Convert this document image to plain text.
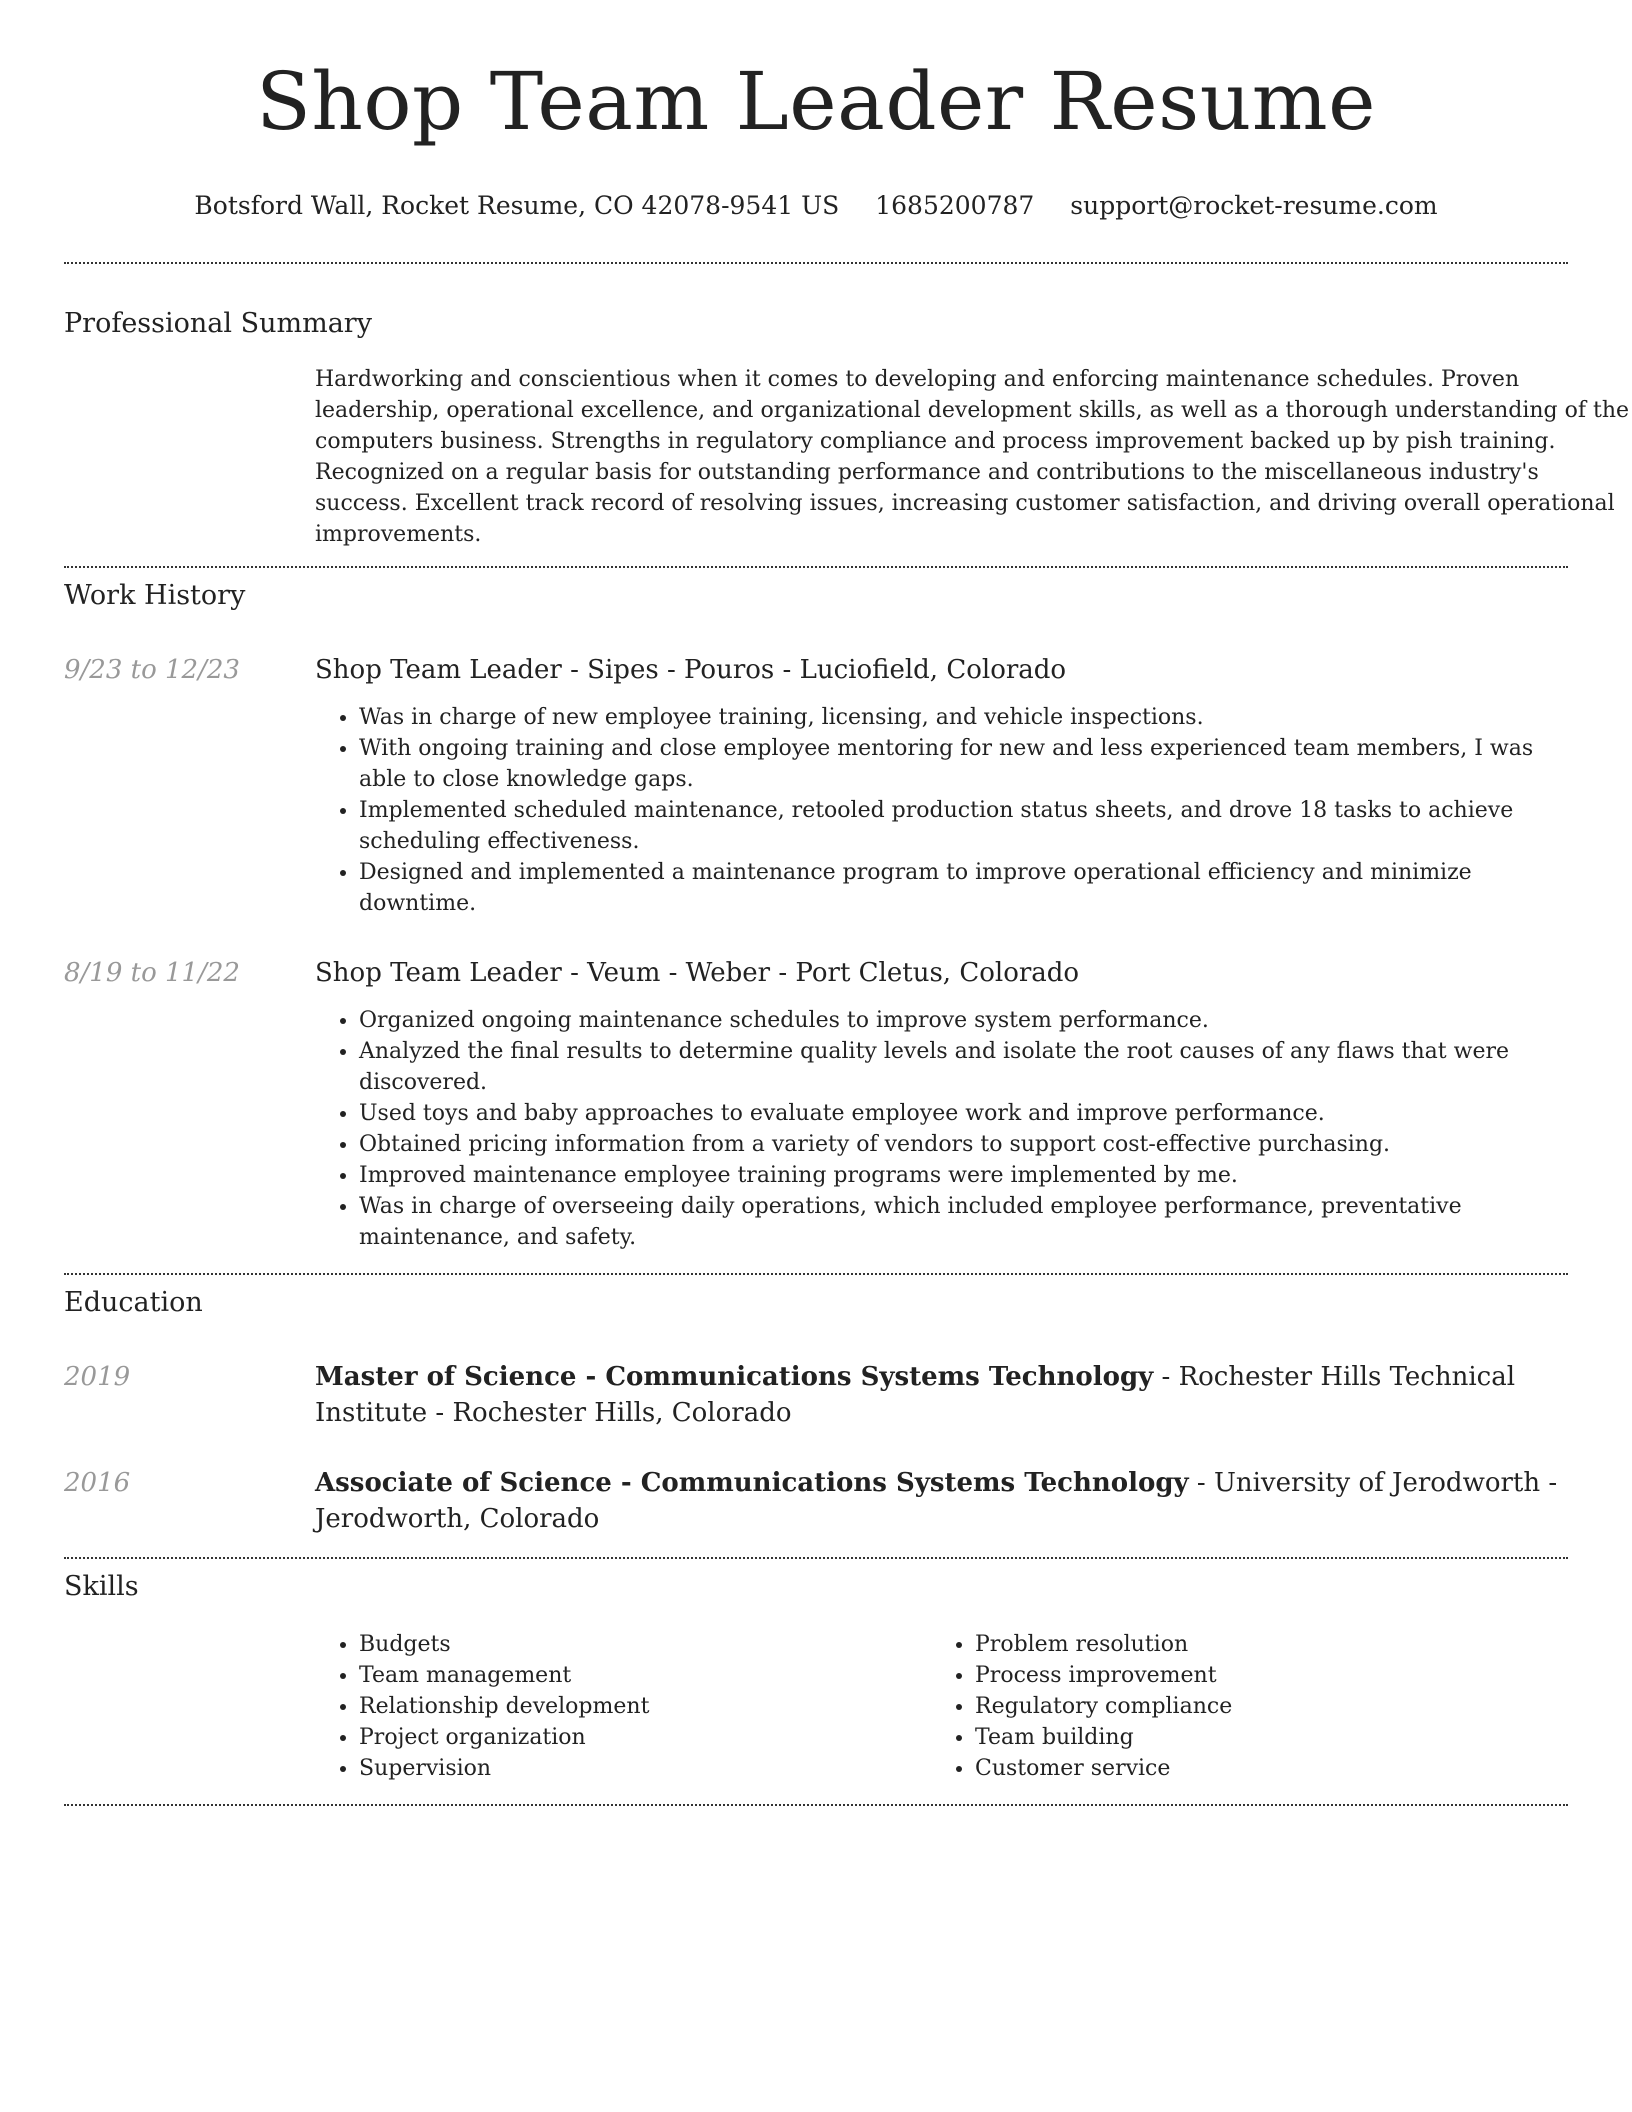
Shop Team Leader Resume
Botsford Wall, Rocket Resume, CO 42078-9541 US 1685200787 support@rocket-resume.com
Professional Summary
Hardworking and conscientious when it comes to developing and enforcing maintenance schedules. Proven leadership, operational excellence, and organizational development skills, as well as a thorough understanding of the computers business. Strengths in regulatory compliance and process improvement backed up by pish training. Recognized on a regular basis for outstanding performance and contributions to the miscellaneous industry's success. Excellent track record of resolving issues, increasing customer satisfaction, and driving overall operational improvements.
Work History
9/23 to 12/23	Shop Team Leader - Sipes - Pouros - Luciofield, Colorado
• Was in charge of new employee training, licensing, and vehicle inspections.
• With ongoing training and close employee mentoring for new and less experienced team members, I was able to close knowledge gaps.
• Implemented scheduled maintenance, retooled production status sheets, and drove 18 tasks to achieve scheduling effectiveness.
• Designed and implemented a maintenance program to improve operational efficiency and minimize downtime.
8/19 to 11/22	Shop Team Leader - Veum - Weber - Port Cletus, Colorado
• Organized ongoing maintenance schedules to improve system performance.
• Analyzed the final results to determine quality levels and isolate the root causes of any flaws that were discovered.
• Used toys and baby approaches to evaluate employee work and improve performance.
• Obtained pricing information from a variety of vendors to support cost-effective purchasing.
• Improved maintenance employee training programs were implemented by me.
• Was in charge of overseeing daily operations, which included employee performance, preventative maintenance, and safety.
Education
2019	Master of Science - Communications Systems Technology - Rochester Hills Technical Institute - Rochester Hills, Colorado
2016	Associate of Science - Communications Systems Technology - University of Jerodworth - Jerodworth, Colorado
Skills
• Budgets
• Team management
• Relationship development
• Project organization
• Supervision
• Problem resolution
• Process improvement
• Regulatory compliance
• Team building
• Customer service
